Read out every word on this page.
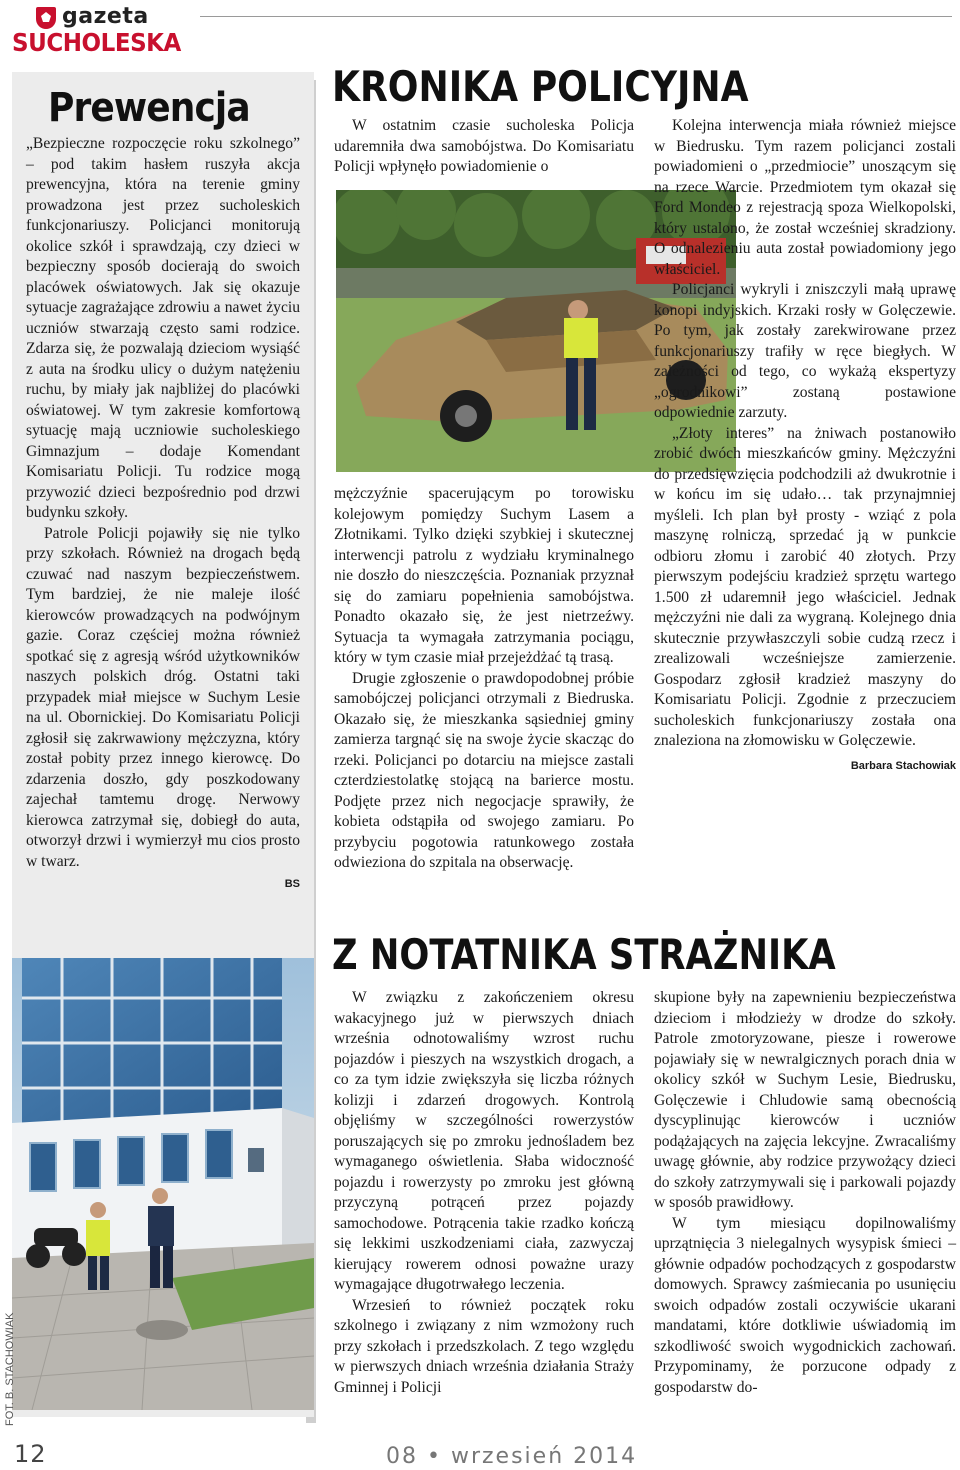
gazeta
SUCHOLESKA
Prewencja

„Bezpieczne rozpoczęcie roku szkolnego” – pod takim hasłem ruszyła akcja prewencyjna, która na terenie gminy prowadzona jest przez sucholeskich funkcjonariuszy. Policjanci monitorują okolice szkół i sprawdzają, czy dzieci w bezpieczny sposób docierają do swoich placówek oświatowych. Jak się okazuje sytuacje zagrażające zdrowiu a nawet życiu uczniów stwarzają często sami rodzice. Zdarza się, że pozwalają dzieciom wysiąść z auta na środku ulicy o dużym natężeniu ruchu, by miały jak najbliżej do placówki oświatowej. W tym zakresie komfortową sytuację mają uczniowie sucholeskiego Gimnazjum – dodaje Komendant Komisariatu Policji. Tu rodzice mogą przywozić dzieci bezpośrednio pod drzwi budynku szkoły.

Patrole Policji pojawiły się nie tylko przy szkołach. Również na drogach będą czuwać nad naszym bezpieczeństwem. Tym bardziej, że nie maleje ilość kierowców prowadzących na podwójnym gazie. Coraz częściej można również spotkać się z agresją wśród użytkowników naszych polskich dróg. Ostatni taki przypadek miał miejsce w Suchym Lesie na ul. Obornickiej. Do Komisariatu Policji zgłosił się zakrwawiony mężczyzna, który został pobity przez innego kierowcę. Do zdarzenia doszło, gdy poszkodowany zajechał tamtemu drogę. Nerwowy kierowca zatrzymał się, dobiegł do auta, otworzył drzwi i wymierzył mu cios prosto w twarz.

BS
FOT. B. STACHOWIAK
KRONIKA POLICYJNA

W ostatnim czasie sucholeska Policja udaremniła dwa samobójstwa. Do Komisariatu Policji wpłynęło powiadomienie o

mężczyźnie spacerującym po torowisku kolejowym pomiędzy Suchym Lasem a Złotnikami. Tylko dzięki szybkiej i skutecznej interwencji patrolu z wydziału kryminalnego nie doszło do nieszczęścia. Poznaniak przyznał się do zamiaru popełnienia samobójstwa. Ponadto okazało się, że jest nietrzeźwy. Sytuacja ta wymagała zatrzymania pociągu, który w tym czasie miał przejeżdżać tą trasą.

Drugie zgłoszenie o prawdopodobnej próbie samobójczej policjanci otrzymali z Biedruska. Okazało się, że mieszkanka sąsiedniej gminy zamierza targnąć się na swoje życie skacząc do rzeki. Policjanci po dotarciu na miejsce zastali czterdziestolatkę stojącą na barierce mostu. Podjęte przez nich negocjacje sprawiły, że kobieta odstąpiła od swojego zamiaru. Po przybyciu pogotowia ratunkowego została odwieziona do szpitala na obserwację.

Kolejna interwencja miała również miejsce w Biedrusku. Tym razem policjanci zostali powiadomieni o „przedmiocie” unoszącym się na rzece Warcie. Przedmiotem tym okazał się Ford Mondeo z rejestracją spoza Wielkopolski, który ustalono, że został wcześniej skradziony. O odnalezieniu auta został powiadomiony jego właściciel.

Policjanci wykryli i zniszczyli małą uprawę konopi indyjskich. Krzaki rosły w Golęczewie. Po tym, jak zostały zarekwirowane przez funkcjonariuszy trafiły w ręce biegłych. W zależności od tego, co wykażą ekspertyzy „ogrodnikowi” zostaną postawione odpowiednie zarzuty.

„Złoty interes” na żniwach postanowiło zrobić dwóch mieszkańców gminy. Mężczyźni do przedsięwzięcia podchodzili aż dwukrotnie i w końcu im się udało… tak przynajmniej myśleli. Ich plan był prosty - wziąć z pola maszynę rolniczą, sprzedać ją w punkcie odbioru złomu i zarobić 40 złotych. Przy pierwszym podejściu kradzież sprzętu wartego 1.500 zł udaremnił jego właściciel. Jednak mężczyźni nie dali za wygraną. Kolejnego dnia skutecznie przywłaszczyli sobie cudzą rzecz i zrealizowali wcześniejsze zamierzenie. Gospodarz zgłosił kradzież maszyny do Komisariatu Policji. Zgodnie z przeczuciem sucholeskich funkcjonariuszy została ona znaleziona na złomowisku w Golęczewie.

Barbara Stachowiak
Z NOTATNIKA STRAŻNIKA

W związku z zakończeniem okresu wakacyjnego już w pierwszych dniach września odnotowaliśmy wzrost ruchu pojazdów i pieszych na wszystkich drogach, a co za tym idzie zwiększyła się liczba różnych kolizji i zdarzeń drogowych. Kontrolą objęliśmy w szczególności rowerzystów poruszających się po zmroku jednośladem bez wymaganego oświetlenia. Słaba widoczność pojazdu i rowerzysty po zmroku jest główną przyczyną potrąceń przez pojazdy samochodowe. Potrącenia takie rzadko kończą się lekkimi uszkodzeniami ciała, zazwyczaj kierujący rowerem odnosi poważne urazy wymagające długotrwałego leczenia.

Wrzesień to również początek roku szkolnego i związany z nim wzmożony ruch przy szkołach i przedszkolach. Z tego względu w pierwszych dniach września działania Straży Gminnej i Policji

skupione były na zapewnieniu bezpieczeństwa dzieciom i młodzieży w drodze do szkoły. Patrole zmotoryzowane, piesze i rowerowe pojawiały się w newralgicznych porach dnia w okolicy szkół w Suchym Lesie, Biedrusku, Golęczewie i Chludowie samą obecnością dyscyplinując kierowców i uczniów podążających na zajęcia lekcyjne. Zwracaliśmy uwagę głównie, aby rodzice przywożący dzieci do szkoły zatrzymywali się i parkowali pojazdy w sposób prawidłowy.

W tym miesiącu dopilnowaliśmy uprzątnięcia 3 nielegalnych wysypisk śmieci – głównie odpadów pochodzących z gospodarstw domowych. Sprawcy zaśmiecania po usunięciu swoich odpadów zostali oczywiście ukarani mandatami, które dotkliwie uświadomią im szkodliwość swoich wygodnickich zachowań. Przypominamy, że porzucone odpady z gospodarstw do-

12	08 • wrzesień 2014
